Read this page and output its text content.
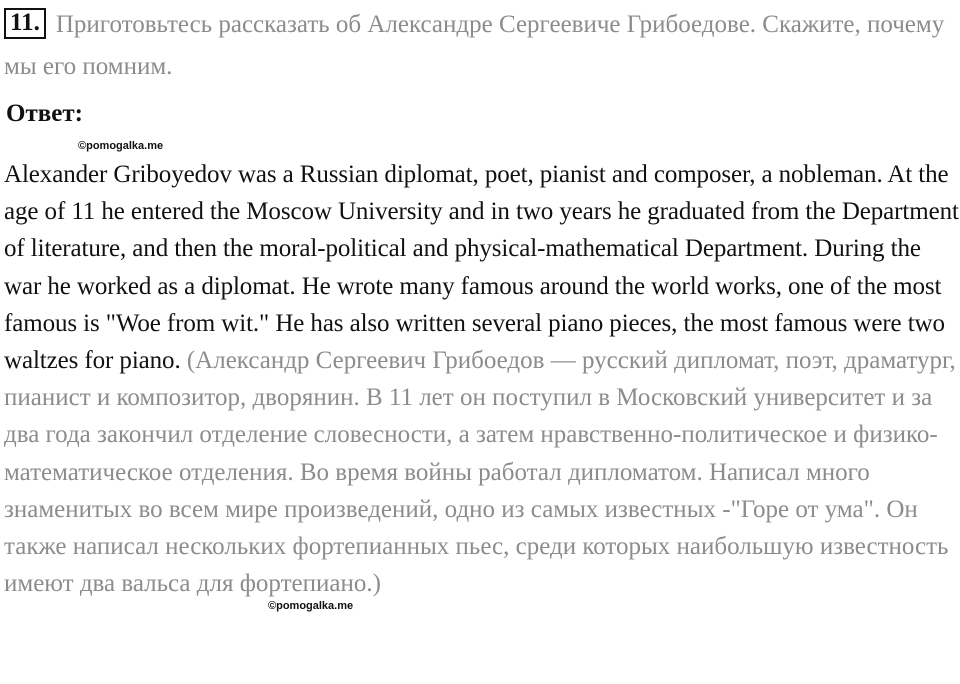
11. Приготовьтесь рассказать об Александре Сергеевиче Грибоедове. Скажите, почему мы его помним.
Ответ:
©pomogalka.me
Alexander Griboyedov was a Russian diplomat, poet, pianist and composer, a nobleman. At the age of 11 he entered the Moscow University and in two years he graduated from the Department of literature, and then the moral-political and physical-mathematical Department. During the war he worked as a diplomat. He wrote many famous around the world works, one of the most famous is "Woe from wit." He has also written several piano pieces, the most famous were two waltzes for piano. (Александр Сергеевич Грибоедов — русский дипломат, поэт, драматург, пианист и композитор, дворянин. В 11 лет он поступил в Московский университет и за два года закончил отделение словесности, а затем нравственно-политическое и физико-математическое отделения. Во время войны работал дипломатом. Написал много знаменитых во всем мире произведений, одно из самых известных -"Горе от ума". Он также написал нескольких фортепианных пьес, среди которых наибольшую известность имеют два вальса для фортепиано.)
©pomogalka.me
